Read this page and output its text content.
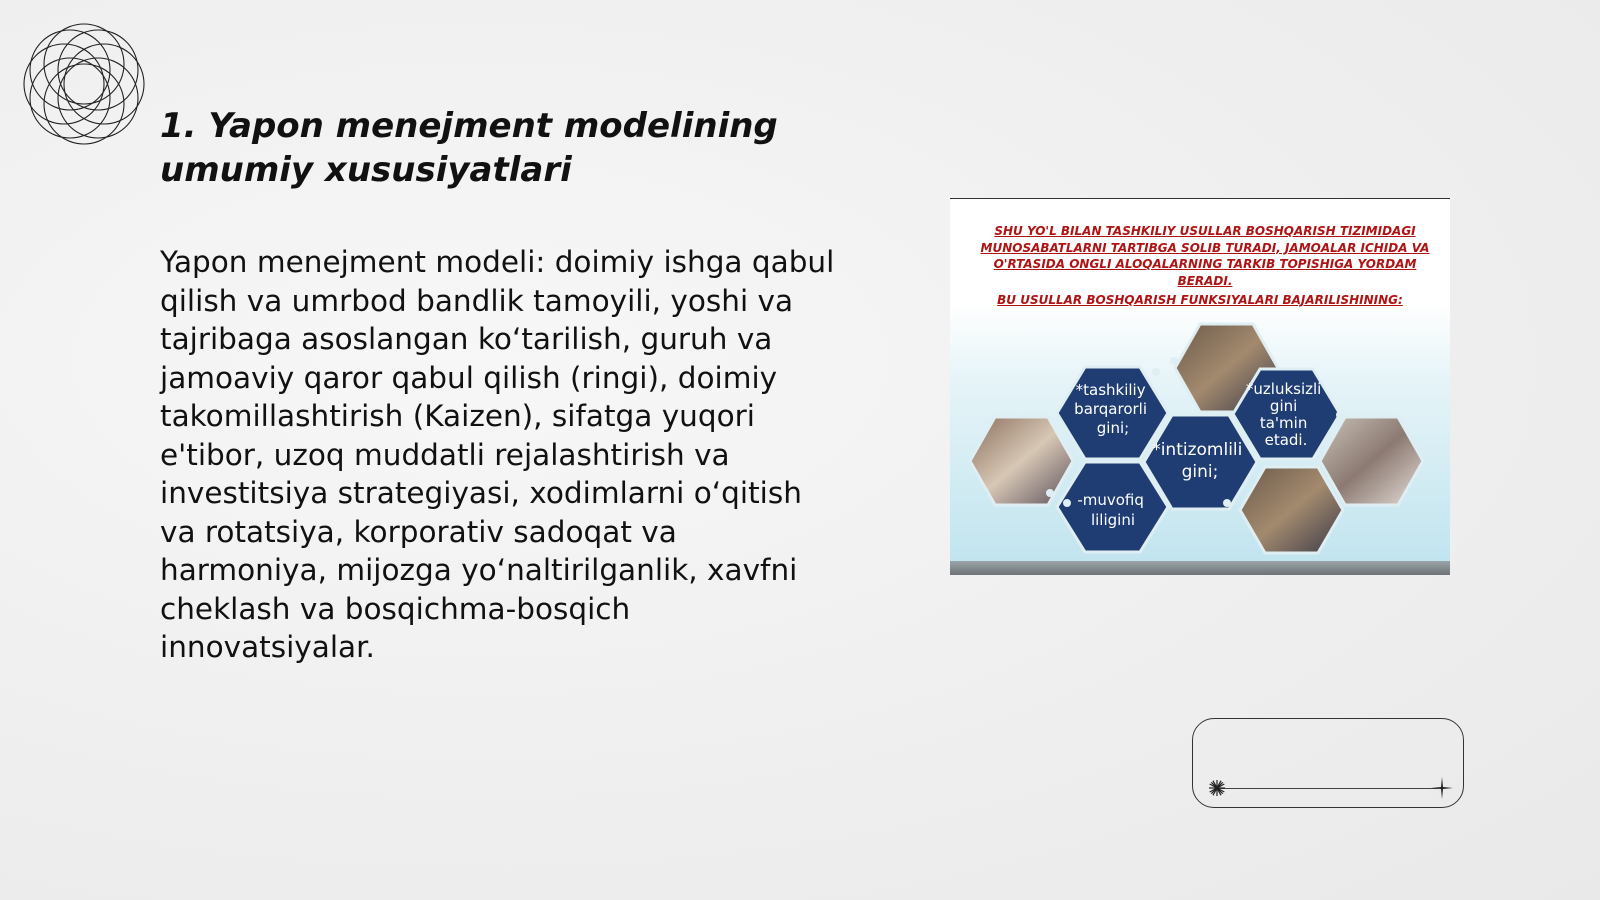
1. Yapon menejment modelining umumiy xususiyatlari

Yapon menejment modeli: doimiy ishga qabul qilish va umrbod bandlik tamoyili, yoshi va tajribaga asoslangan ko‘tarilish, guruh va jamoaviy qaror qabul qilish (ringi), doimiy takomillashtirish (Kaizen), sifatga yuqori e'tibor, uzoq muddatli rejalashtirish va investitsiya strategiyasi, xodimlarni o‘qitish va rotatsiya, korporativ sadoqat va harmoniya, mijozga yo‘naltirilganlik, xavfni cheklash va bosqichma-bosqich innovatsiyalar.

SHU YO'L BILAN TASHKILIY USULLAR BOSHQARISH TIZIMIDAGI MUNOSABATLARNI TARTIBGA SOLIB TURADI, JAMOALAR ICHIDA VA O'RTASIDA ONGLI ALOQALARNING TARKIB TOPISHIGA YORDAM BERADI.
BU USULLAR BOSHQARISH FUNKSIYALARI BAJARILISHINING:
*tashkiliy barqarorli gini;
*uzluksizli gini ta'min etadi.
*intizomlili gini;
-muvofiq liligini
